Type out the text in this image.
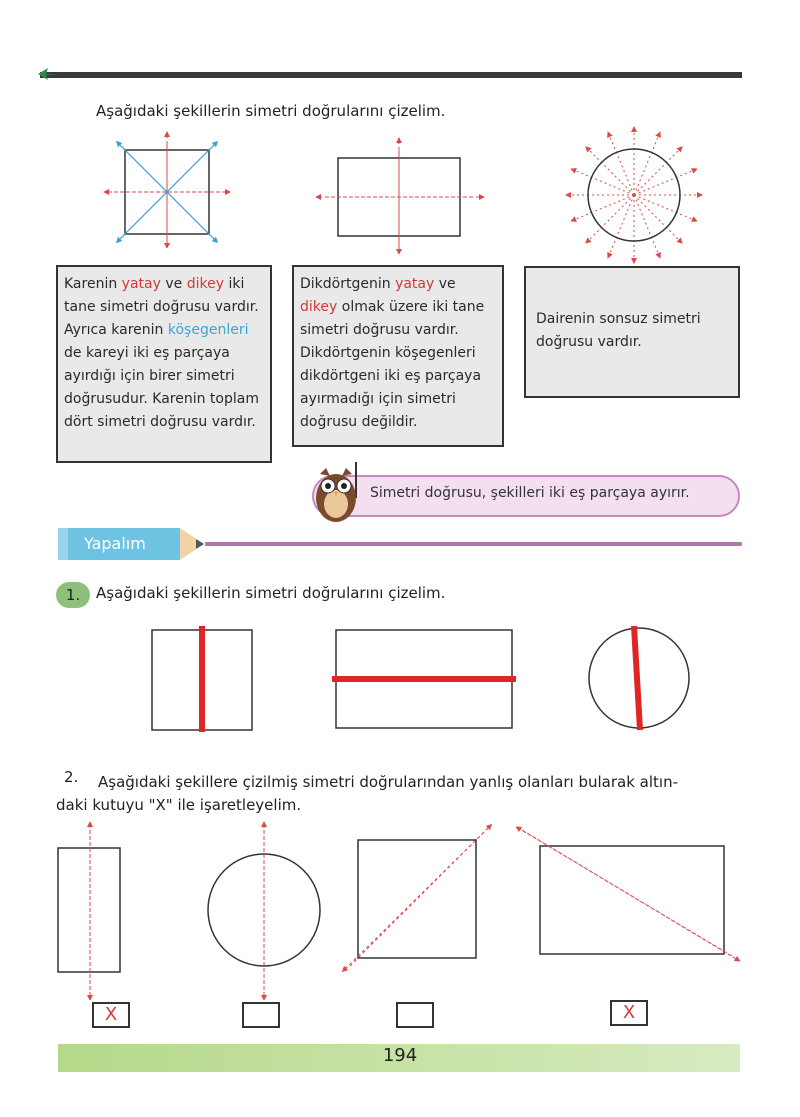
Aşağıdaki şekillerin simetri doğrularını çizelim.
Karenin yatay ve dikey iki tane simetri doğrusu vardır. Ayrıca karenin köşegenleri de kareyi iki eş parçaya ayırdığı için birer simetri doğrusudur. Karenin toplam dört simetri doğrusu vardır.
Dikdörtgenin yatay ve dikey olmak üzere iki tane simetri doğrusu vardır. Dikdörtgenin köşegenleri dikdörtgeni iki eş parçaya ayırmadığı için simetri doğrusu değildir.
Dairenin sonsuz simetri doğrusu vardır.
Simetri doğrusu, şekilleri iki eş parçaya ayırır.
Yapalım
1.	Aşağıdaki şekillerin simetri doğrularını çizelim.
2. Aşağıdaki şekillere çizilmiş simetri doğrularından yanlış olanları bularak altın-
daki kutuyu "X" ile işaretleyelim.
X	X
194
